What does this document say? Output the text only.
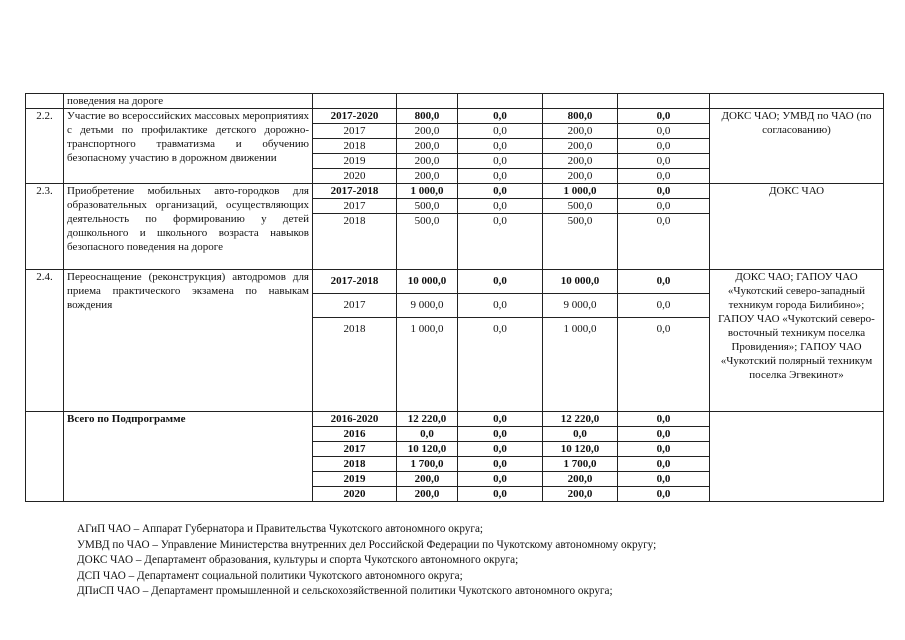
	поведения на дороге						
2.2.	Участие во всероссийских массовых мероприятиях с детьми по профилактике детского дорожно-транспортного травматизма и обучению безопасному участию в дорожном движении	2017-2020	800,0	0,0	800,0	0,0	ДОКС ЧАО; УМВД по ЧАО (по согласованию)
		2017	200,0	0,0	200,0	0,0	
		2018	200,0	0,0	200,0	0,0	
		2019	200,0	0,0	200,0	0,0	
		2020	200,0	0,0	200,0	0,0	
2.3.	Приобретение мобильных авто-городков для образовательных организаций, осуществляющих деятельность по формированию у детей дошкольного и школьного возраста навыков безопасного поведения на дороге	2017-2018	1 000,0	0,0	1 000,0	0,0	ДОКС ЧАО
		2017	500,0	0,0	500,0	0,0	
		2018	500,0	0,0	500,0	0,0	
2.4.	Переоснащение (реконструкция) автодромов для приема практического экзамена по навыкам вождения	2017-2018	10 000,0	0,0	10 000,0	0,0	ДОКС ЧАО; ГАПОУ ЧАО «Чукотский северо-западный техникум города Билибино»; ГАПОУ ЧАО «Чукотский северо-восточный техникум поселка Провидения»; ГАПОУ ЧАО «Чукотский полярный техникум поселка Эгвекинот»
		2017	9 000,0	0,0	9 000,0	0,0	
		2018	1 000,0	0,0	1 000,0	0,0	
	Всего по Подпрограмме	2016-2020	12 220,0	0,0	12 220,0	0,0	
		2016	0,0	0,0	0,0	0,0	
		2017	10 120,0	0,0	10 120,0	0,0	
		2018	1 700,0	0,0	1 700,0	0,0	
		2019	200,0	0,0	200,0	0,0	
		2020	200,0	0,0	200,0	0,0	
АГиП ЧАО – Аппарат Губернатора и Правительства Чукотского автономного округа;
УМВД по ЧАО – Управление Министерства внутренних дел Российской Федерации по Чукотскому автономному округу;
ДОКС ЧАО – Департамент образования, культуры и спорта Чукотского автономного округа;
ДСП ЧАО – Департамент социальной политики Чукотского автономного округа;
ДПиСП ЧАО – Департамент промышленной и сельскохозяйственной политики Чукотского автономного округа;
